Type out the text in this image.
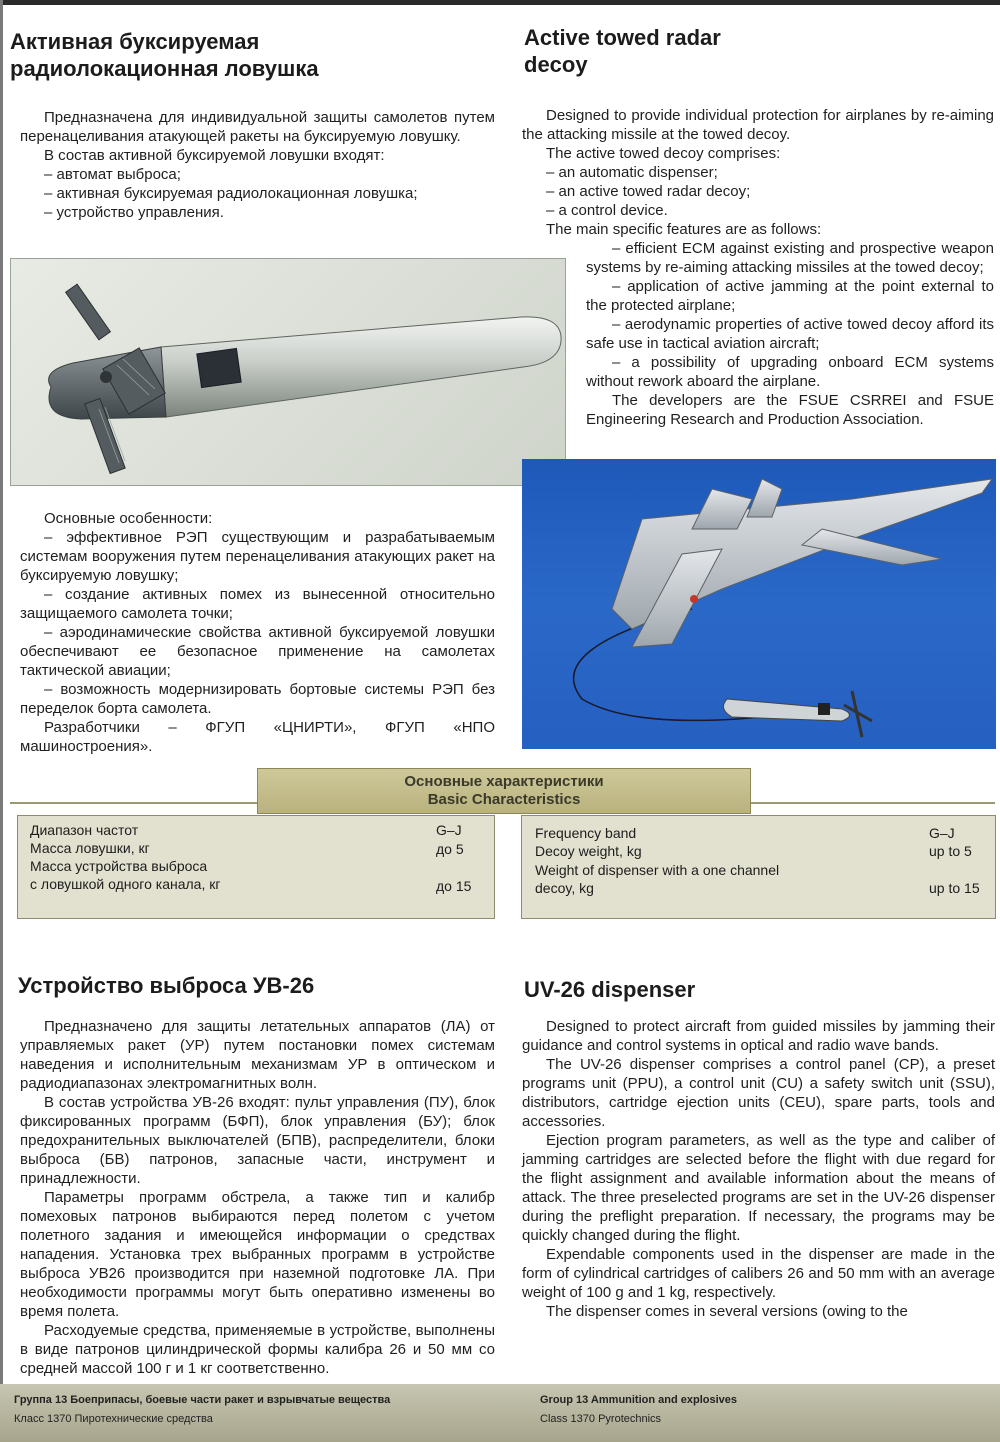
Активная буксируемая
радиолокационная ловушка
Active towed radar
decoy

Предназначена для индивидуальной защиты самолетов путем перенацеливания атакующей ракеты на буксируемую ловушку.

В состав активной буксируемой ловушки входят:

– автомат выброса;

– активная буксируемая радиолокационная ловушка;

– устройство управления.

Designed to provide individual protection for airplanes by re-aiming the attacking missile at the towed decoy.

The active towed decoy comprises:

– an automatic dispenser;

– an active towed radar decoy;

– a control device.

The main specific features are as follows:

– efficient ECM against existing and prospective weapon systems by re-aiming attacking missiles at the towed decoy;

– application of active jamming at the point external to the protected airplane;

– aerodynamic properties of active towed decoy afford its safe use in tactical aviation aircraft;

– a possibility of upgrading onboard ECM systems without rework aboard the airplane.

The developers are the FSUE CSRREI and FSUE Engineering Research and Production Association.

Основные особенности:

– эффективное РЭП существующим и разрабатываемым системам вооружения путем перенацеливания атакующих ракет на буксируемую ловушку;

– создание активных помех из вынесенной относительно защищаемого самолета точки;

– аэродинамические свойства активной буксируемой ловушки обеспечивают ее безопасное применение на самолетах тактической авиации;

– возможность модернизировать бортовые системы РЭП без переделок борта самолета.

Разработчики – ФГУП «ЦНИРТИ», ФГУП «НПО машиностроения».

Основные характеристики
Basic Characteristics
Диапазон частот	G–J
Масса ловушки, кг	до 5
Масса устройства выброса
с ловушкой одного канала, кг	до 15
Frequency band	G–J
Decoy weight, kg	up to 5
Weight of dispenser with a one channel
decoy, kg	up to 15
Устройство выброса УВ-26	UV-26 dispenser

Предназначено для защиты летательных аппаратов (ЛА) от управляемых ракет (УР) путем постановки помех системам наведения и исполнительным механизмам УР в оптическом и радиодиапазонах электромагнитных волн.

В состав устройства УВ-26 входят: пульт управления (ПУ), блок фиксированных программ (БФП), блок управления (БУ); блок предохранительных выключателей (БПВ), распределители, блоки выброса (БВ) патронов, запасные части, инструмент и принадлежности.

Параметры программ обстрела, а также тип и калибр помеховых патронов выбираются перед полетом с учетом полетного задания и имеющейся информации о средствах нападения. Установка трех выбранных программ в устройстве выброса УВ26 производится при наземной подготовке ЛА. При необходимости программы могут быть оперативно изменены во время полета.

Расходуемые средства, применяемые в устройстве, выполнены в виде патронов цилиндрической формы калибра 26 и 50 мм со средней массой 100 г и 1 кг соответственно.

Designed to protect aircraft from guided missiles by jamming their guidance and control systems in optical and radio wave bands.

The UV-26 dispenser comprises a control panel (CP), a preset programs unit (PPU), a control unit (CU) a safety switch unit (SSU), distributors, cartridge ejection units (CEU), spare parts, tools and accessories.

Ejection program parameters, as well as the type and caliber of jamming cartridges are selected before the flight with due regard for the flight assignment and available information about the means of attack. The three preselected programs are set in the UV-26 dispenser during the preflight preparation. If necessary, the programs may be quickly changed during the flight.

Expendable components used in the dispenser are made in the form of cylindrical cartridges of calibers 26 and 50 mm with an average weight of 100 g and 1 kg, respectively.

The dispenser comes in several versions (owing to the

Группа 13 Боеприпасы, боевые части ракет и взрывчатые вещества
Класс 1370 Пиротехнические средства
Group 13 Ammunition and explosives
Class 1370 Pyrotechnics
